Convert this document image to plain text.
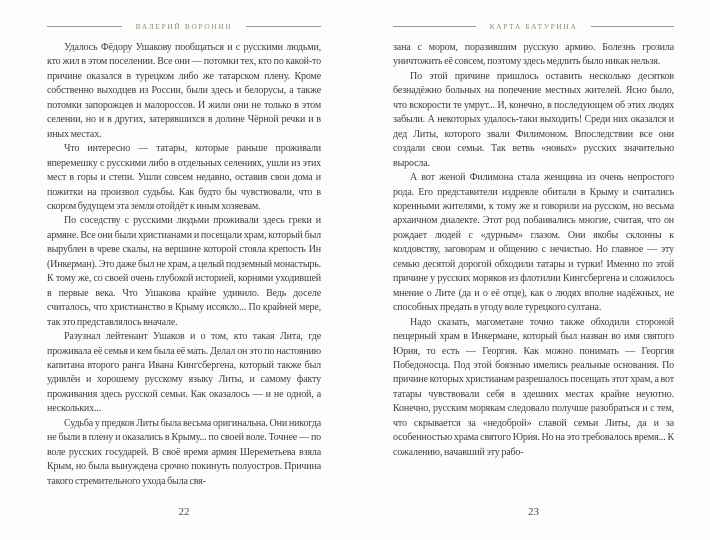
ВАЛЕРИЙ ВОРОНИН

Удалось Фёдору Ушакову пообщаться и с русскими людьми, кто жил в этом поселении. Все они — потомки тех, кто по какой-то причине оказался в турецком либо же татарском плену. Кроме собственно выходцев из России, были здесь и белорусы, а также потомки запорожцев и малороссов. И жили они не только в этом селении, но и в других, затерявшихся в долине Чёрной речки и в иных местах.

Что интересно — татары, которые раньше проживали вперемешку с русскими либо в отдельных селениях, ушли из этих мест в горы и степи. Ушли совсем недавно, оставив свои дома и пожитки на произвол судьбы. Как будто бы чувствовали, что в скором будущем эта земля отойдёт к иным хозяевам.

По соседству с русскими людьми проживали здесь греки и армяне. Все они были христианами и посещали храм, который был вырублен в чреве скалы, на вершине которой стояла крепость Ин (Инкерман). Это даже был не храм, а целый подземный монастырь. К тому же, со своей очень глубокой историей, корнями уходившей в первые века. Что Ушакова крайне удивило. Ведь доселе считалось, что христианство в Крыму иссякло... По крайней мере, так это представлялось вначале.

Разузнал лейтенант Ушаков и о том, кто такая Лита, где проживала её семья и кем была её мать. Делал он это по настоянию капитана второго ранга Ивана Кингсбергена, который также был удивлён и хорошему русскому языку Литы, и самому факту проживания здесь русской семьи. Как оказалось — и не одной, а нескольких...

Судьба у предков Литы была весьма оригинальна. Они никогда не были в плену и оказались в Крыму... по своей воле. Точнее — по воле русских государей. В своё время армия Шереметьева взяла Крым, но была вынуждена срочно покинуть полуостров. Причина такого стремительного ухода была свя-

22
КАРТА БАТУРИНА

зана с мором, поразившим русскую армию. Болезнь грозила уничтожить её совсем, поэтому здесь медлить было никак нельзя.

По этой причине пришлось оставить несколько десятков безнадёжно больных на попечение местных жителей. Ясно было, что вскорости те умрут... И, конечно, в последующем об этих людях забыли. А некоторых удалось-таки выходить! Среди них оказался и дед Литы, которого звали Филимоном. Впоследствии все они создали свои семьи. Так ветвь «новых» русских значительно выросла.

А вот женой Филимона стала женщина из очень непростого рода. Его представители издревле обитали в Крыму и считались коренными жителями, к тому же и говорили на русском, но весьма архаичном диалекте. Этот род побаивались многие, считая, что он рождает людей с «дурным» глазом. Они якобы склонны к колдовству, заговорам и общению с нечистью. Но главное — эту семью десятой дорогой обходили татары и турки! Именно по этой причине у русских моряков из флотилии Кингсбергена и сложилось мнение о Лите (да и о её отце), как о людях вполне надёжных, не способных предать в угоду воле турецкого султана.

Надо сказать, магометане точно также обходили стороной пещерный храм в Инкермане, который был назван во имя святого Юрия, то есть — Георгия. Как можно понимать — Георгия Победоносца. Под этой боязнью имелись реальные основания. По причине которых христианам разрешалось посещать этот храм, а вот татары чувствовали себя в здешних местах крайне неуютно. Конечно, русским морякам следовало получше разобраться и с тем, что скрывается за «недоброй» славой семьи Литы, да и за особенностью храма святого Юрия. Но на это требовалось время... К сожалению, начавший эту рабо-

23
